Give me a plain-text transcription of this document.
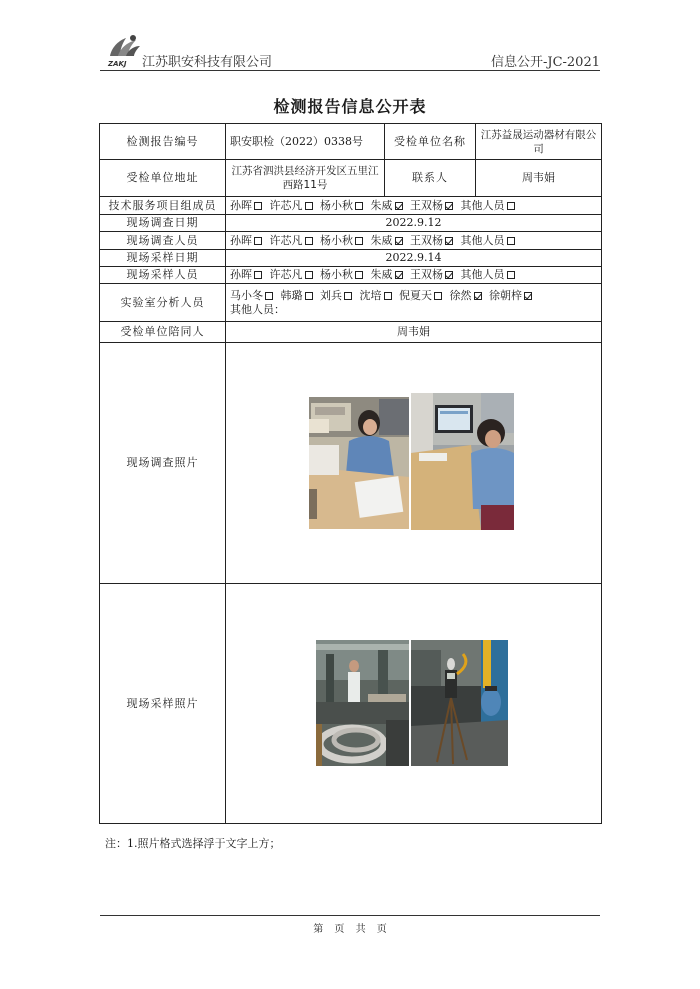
ZAKJ 江苏职安科技有限公司	信息公开-JC-2021
检测报告信息公开表
检测报告编号	职安职检（2022）0338号	受检单位名称	江苏益晟运动器材有限公司
受检单位地址	江苏省泗洪县经济开发区五里江西路11号	联系人	周韦娟
技术服务项目组成员	孙晖 许芯凡 杨小秋 朱威 王双杨 其他人员		
现场调查日期	2022.9.12		
现场调查人员	孙晖 许芯凡 杨小秋 朱威 王双杨 其他人员		
现场采样日期	2022.9.14		
现场采样人员	孙晖 许芯凡 杨小秋 朱威 王双杨 其他人员		
实验室分析人员	马小冬 韩璐 刘兵 沈培 倪夏天 徐然 徐朝梓
其他人员：		

受检单位陪同人	周韦娟		
现场调查照片	

现场采样照片	
注：1.照片格式选择浮于文字上方；
第 页 共 页
